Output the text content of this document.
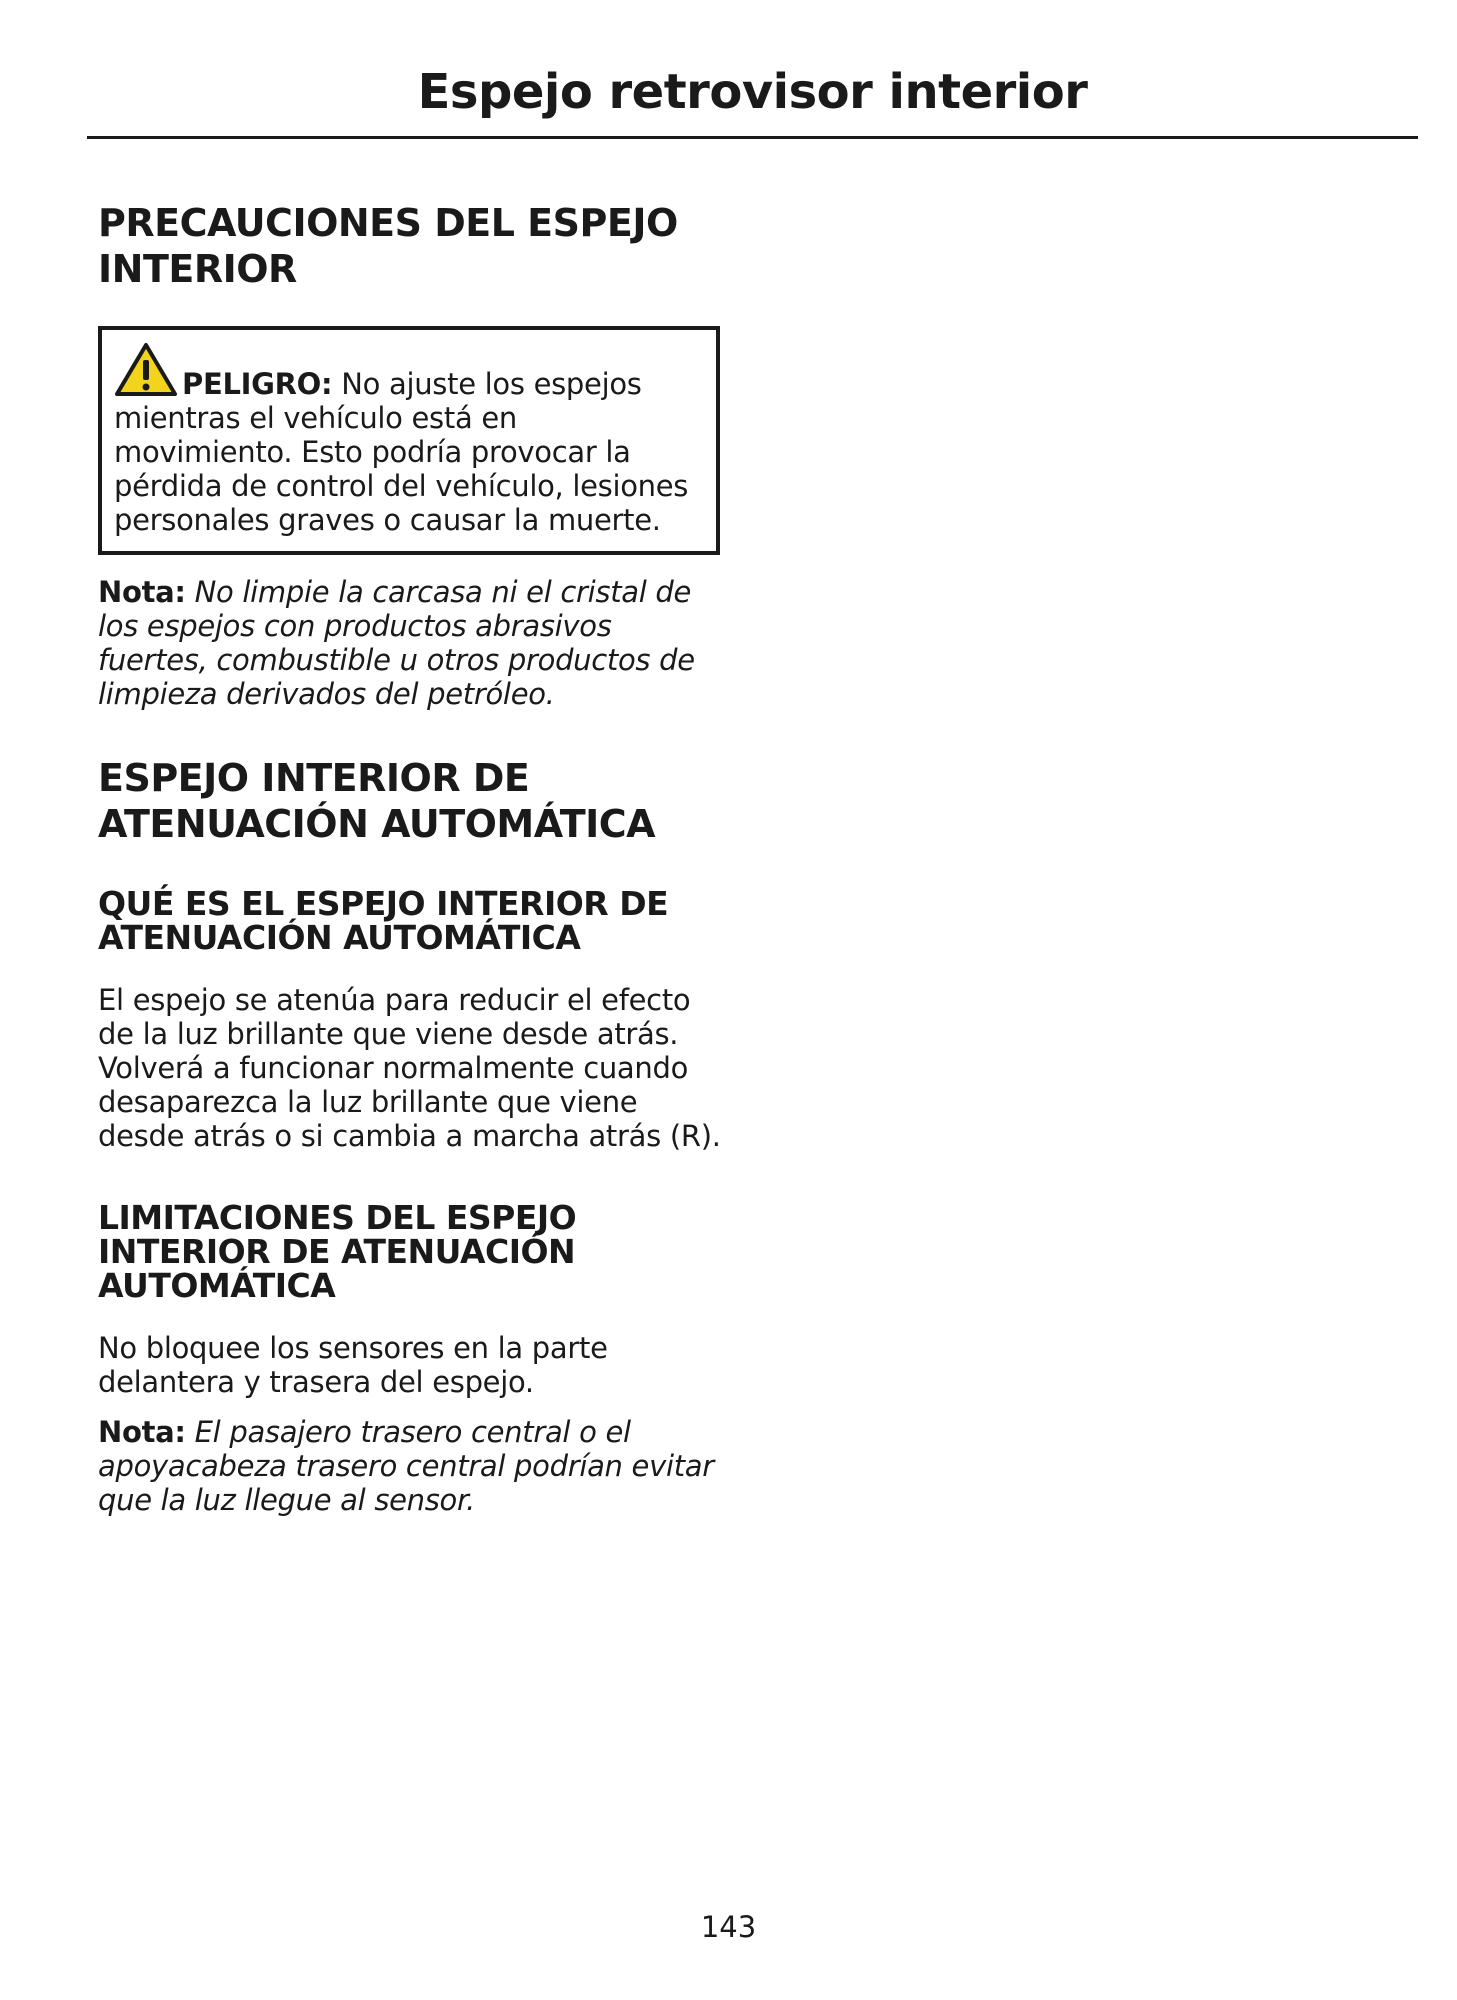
Espejo retrovisor interior
PRECAUCIONES DEL ESPEJO INTERIOR

PELIGRO: No ajuste los espejos mientras el vehículo está en movimiento. Esto podría provocar la pérdida de control del vehículo, lesiones personales graves o causar la muerte.

Nota: No limpie la carcasa ni el cristal de los espejos con productos abrasivos fuertes, combustible u otros productos de limpieza derivados del petróleo.

ESPEJO INTERIOR DE ATENUACIÓN AUTOMÁTICA
QUÉ ES EL ESPEJO INTERIOR DE ATENUACIÓN AUTOMÁTICA

El espejo se atenúa para reducir el efecto de la luz brillante que viene desde atrás. Volverá a funcionar normalmente cuando desaparezca la luz brillante que viene desde atrás o si cambia a marcha atrás (R).

LIMITACIONES DEL ESPEJO INTERIOR DE ATENUACIÓN AUTOMÁTICA

No bloquee los sensores en la parte delantera y trasera del espejo.

Nota: El pasajero trasero central o el apoyacabeza trasero central podrían evitar que la luz llegue al sensor.

143
